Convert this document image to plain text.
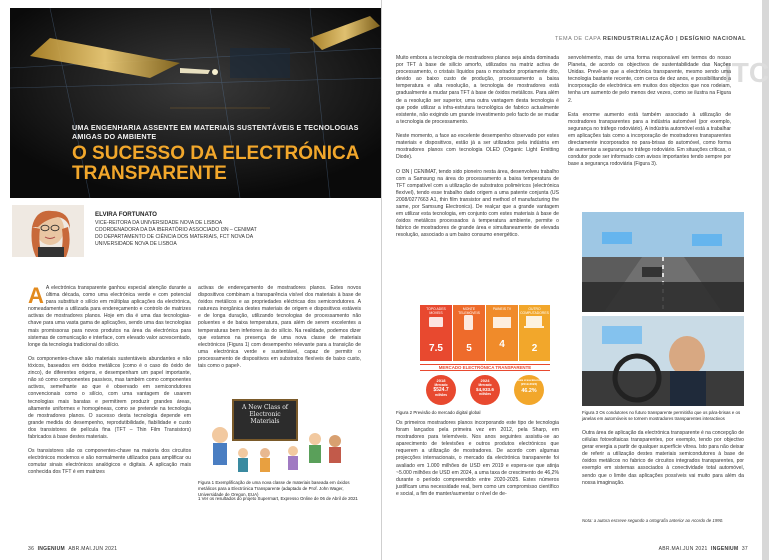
UMA ENGENHARIA ASSENTE EM MATERIAIS SUSTENTÁVEIS E TECNOLOGIAS AMIGAS DO AMBIENTE
O SUCESSO DA ELECTRÓNICA TRANSPARENTE
ELVIRA FORTUNATO
VICE-REITORA DA UNIVERSIDADE NOVA DE LISBOA COORDENADORA DA DA IBERATÓRIO ASSOCIADO I3N – CENIMAT DO DEPARTAMENTO DE CIÊNCIA DOS MATERIAIS, FCT NOVA DA UNIVERSIDADE NOVA DE LISBOA
A A electrónica transparente ganhou especial atenção durante a última década, como uma electrónica verde e com potencial para substituir o silício em múltiplas aplicações da electrónica, nomeadamente a utilizada para endereçamento e controlo de matrizes activas de mostradores planos. Hoje em dia é uma das tecnologias-chave para uma vasta gama de aplicações, sendo uma das tecnologias mais promissoras para novos produtos na área da electrónica para sistemas de comunicação e interface, com elevado valor acrescentado, longe da tecnologia tradicional do silício.

Os componentes-chave são materiais sustentáveis abundantes e não tóxicos, baseados em óxidos metálicos (como é o caso do óxido de zinco), de diferentes origens, e desempenham um papel importante, não só como componentes passivos, mas também como componentes activos, semelhante ao que é observado em semicondutores convencionais como o silício, com uma vantagem de usarem tecnologias mais baratas e permitirem produzir grandes áreas, altamente uniformes e homogéneas, como se pretende na tecnologia de mostradores planos. O sucesso desta tecnologia depende em grande medida do desempenho, reprodutibilidade, fiabilidade e custo dos transistores de película fina (TFT – Thin Film Transistors) fabricados à base destes materiais.

Os transistores são os componentes-chave na maioria dos circuitos electrónicos modernos e são normalmente utilizados para amplificar ou comutar sinais electrónicos analógicos e digitais. A aplicação mais conhecida dos TFT é em matrizes
activas de endereçamento de mostradores planos. Estes novos dispositivos combinam a transparência visível dos materiais à base de óxidos metálicos e as propriedades eléctricas dos semicondutores. A natureza inorgânica destes materiais de origem e dispositivos estáveis e de longa duração, utilizando tecnologias de processamento não poluentes e de baixa temperatura, para além de serem excelentes a temperaturas bem inferiores às do silício. Na realidade, podemos dizer que estamos na presença de uma nova classe de materiais electrónicos (Figura 1) com desempenho relevante para a transição de uma electrónica verde e sustentável, capaz de permitir o processamento de dispositivos em substratos flexíveis de baixo custo, tais como o papel¹.
A New Class of Electronic Materials
Figura 1 Exemplificação de uma nova classe de materiais baseada em óxidos metálicos para a Electrónica Transparente (adaptado de Prof. John Wager, Universidade de Oregon, EUA)
1 Ver os resultados do projeto Supermart, Expresso Online de 06 de Abril de 2021
36 INGENIUM ABR.MAI.JUN 2021
TEMA DE CAPA REINDUSTRIALIZAÇÃO | DESÍGNIO NACIONAL
ITC
Muito embora a tecnologia de mostradores planos seja ainda dominada por TFT à base de silício amorfo, utilizados na matriz activa de processamento, o cristais líquidos para o mostrador propriamente dito, devido ao baixo custo de produção, processamento a baixa temperatura e alta resolução, a tecnologia de mostradores está gradualmente a mudar para TFT à base de óxidos metálicos. Para além de a resolução ser superior, uma outra vantagem desta tecnologia é que pode utilizar a infra-estrutura tecnológica de fabrico actualmente existente, não exigindo um grande investimento pelo facto de se mudar a tecnologia de processamento.

Neste momento, a face ao excelente desempenho observado por estes materiais e dispositivos, estão já a ser utilizados pela indústria em mostradores planos com tecnologia OLED (Organic Light Emitting Diode).

O I3N | CENIMAT, tendo sido pioneiro nesta área, desenvolveu trabalho com a Samsung na área do processamento a baixa temperatura de TFT compatível com a utilização de substratos poliméricos (electrónica flexível), tendo esse trabalho dado origem a uma patente conjunta (US 2008/0277663 A1, thin film transistor and method of manufacturing the same, por Samsung Electronics). De realçar que a grande vantagem em utilizar esta tecnologia, em conjunto com estes materiais à base de óxidos metálicos processados à temperatura ambiente, permite o fabrico de mostradores de grande área e simultaneamente de elevada resolução, associado a um baixo consumo energético.
senvolvimento, mas de uma forma responsável em termos do nosso Planeta, de acordo os objectivos de sustentabilidade das Nações Unidas. Prevê-se que a electrónica transparente, mesmo sendo uma tecnologia bastante recente, com cerca de dez anos, e possibilitando a incorporação de electrónica em muitos dos objectos que nos rodeiam, tenha um aumento de pelo menos dez vezes, como se ilustra na Figura 2.

Esta enorme aumento está também associado à utilização de mostradores transparentes para a indústria automóvel (por exemplo, segurança no tráfego rodoviário). A indústria automóvel está a trabalhar em aplicações tais como a incorporação de mostradores transparentes directamente incorporados no para-brisas do automóvel, como forma de aumentar a segurança no tráfego rodoviário. Em situações críticas, o condutor pode ser informado com avisos importantes tendo sempre por base a segurança rodoviária (Figura 3).
TOPO ADES MOVEIS
7.5
MONTE TELEMÓVEIS
5
PAINEIS TV
4
OUTRO COMPUTADORES
2
MERCADO ELECTRÓNICA TRANSPARENTE
2018
Mercado
$524.7
milhões
2024
Mercado
$4,933.6
milhões
Taxa crescimento (2019-2024)
46.2%
Figura 2 Previsão do mercado digital global
Os primeiros mostradores planos incorporando este tipo de tecnologia foram lançados pela primeira vez em 2012, pela Sharp, em mostradores para telemóveis. Nos anos seguintes assistiu-se ao aparecimento de televisões e outros produtos electrónicos que requerem a utilização de mostradores. De acordo com algumas projecções internacionais, o mercado da electrónica transparente foi avaliado em 1.000 milhões de USD em 2019 e espera-se que atinja ~5.000 milhões de USD em 2024, a uma taxa de crescimento de 46,2% durante o período compreendido entre 2020-2025. Estes números justificam uma necessidade real, bem como um compromisso científico e social, a fim de manter/aumentar o nível de de-
Figura 3 Os condutores no futuro transparente permitirão que os pára-brisas e os janelas em automóveis se tornem mostradores transparentes interactivos
Outra área de aplicação da electrónica transparente é na concepção de células fotovoltaicas transparentes, por exemplo, tendo por objectivo gerar energia a partir de qualquer superfície vítrea. Isto para não deixar de referir a utilização destes materiais semicondutores à base de óxidos metálicos no fabrico de circuitos integrados transparentes, por exemplo em sistemas associados à conectividade total automóvel, sendo que o limite das aplicações possíveis vai muito para além da nossa imaginação.
Nota: a autora escreve segundo a ortografia anterior ao Acordo de 1990.
ABR.MAI.JUN 2021 INGENIUM 37
